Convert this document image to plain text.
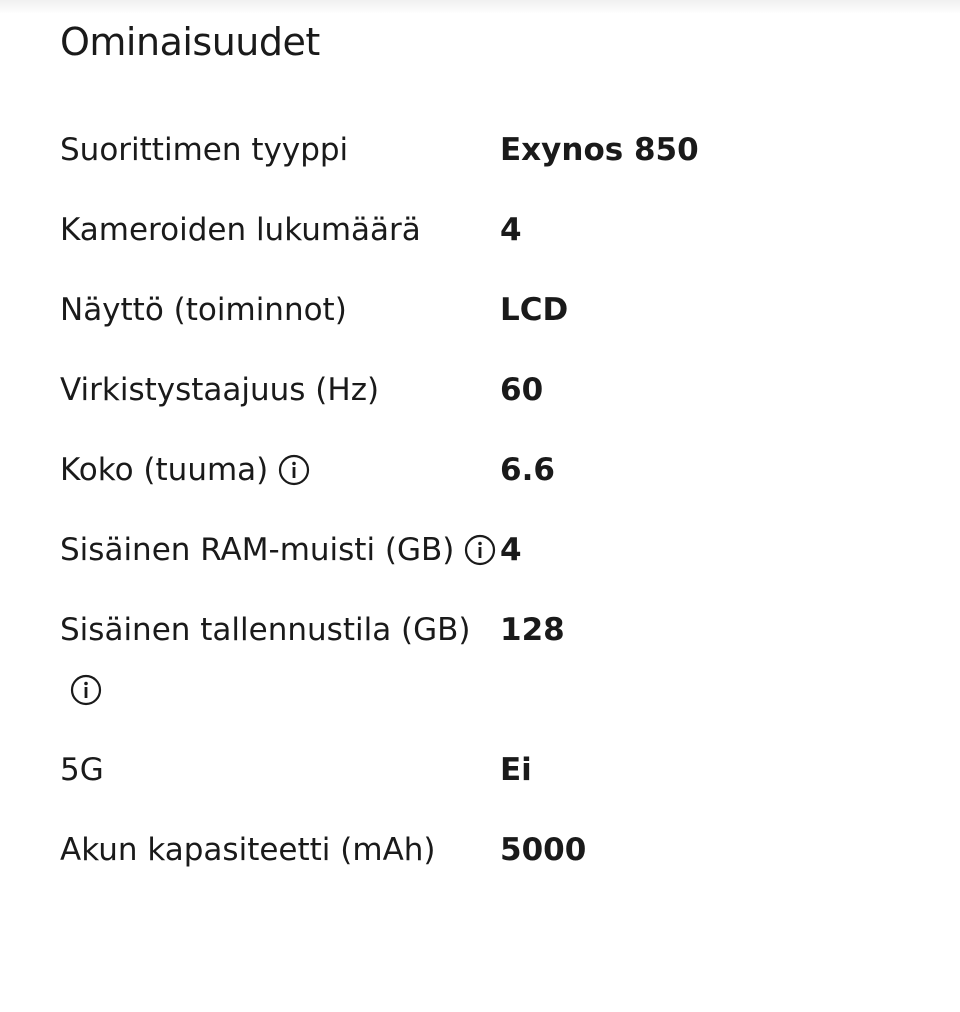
Ominaisuudet
Suorittimen tyyppi	Exynos 850
Kameroiden lukumäärä	4
Näyttö (toiminnot)	LCD
Virkistystaajuus (Hz)	60
Koko (tuuma)	6.6
Sisäinen RAM-muisti (GB)	4
Sisäinen tallennustila (GB) 128
5G	Ei
Akun kapasiteetti (mAh)	5000
